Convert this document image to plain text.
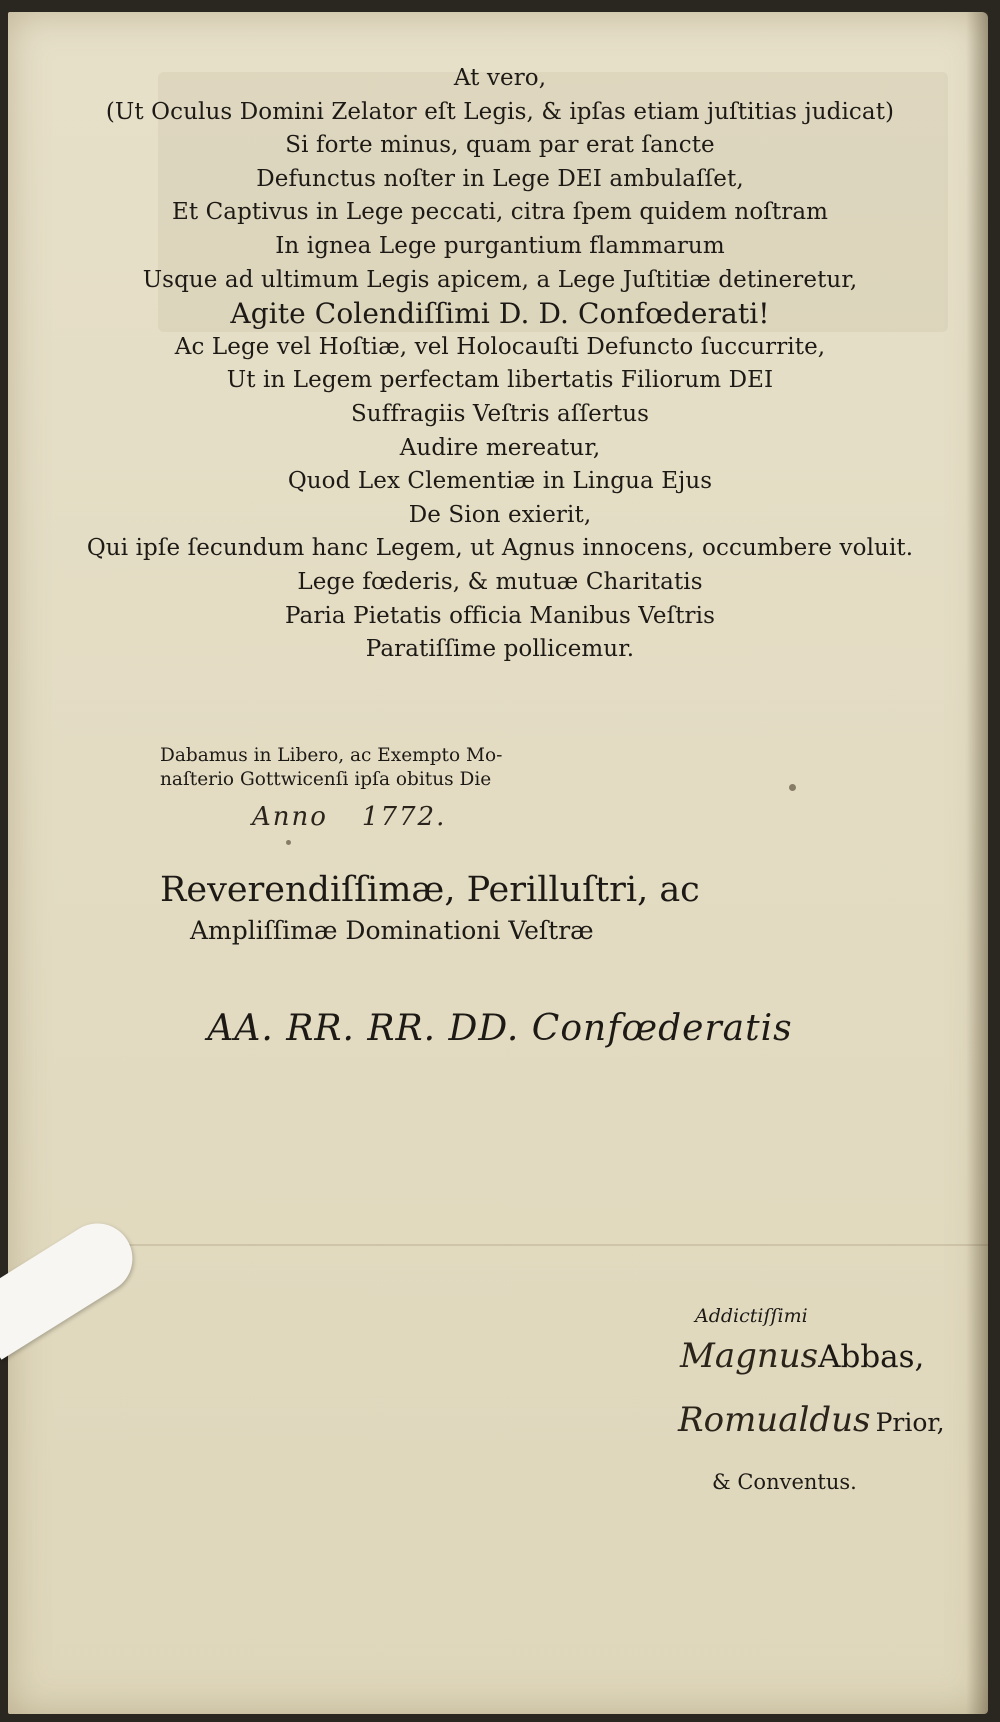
At vero,
(Ut Oculus Domini Zelator eſt Legis, & ipſas etiam juſtitias judicat)
Si forte minus, quam par erat ſancte
Defunctus noſter in Lege DEI ambulaſſet,
Et Captivus in Lege peccati, citra ſpem quidem noſtram
In ignea Lege purgantium flammarum
Usque ad ultimum Legis apicem, a Lege Juſtitiæ detineretur,
Agite Colendiſſimi D. D. Confœderati!
Ac Lege vel Hoſtiæ, vel Holocauſti Defuncto ſuccurrite,
Ut in Legem perfectam libertatis Filiorum DEI
Suffragiis Veſtris aſſertus
Audire mereatur,
Quod Lex Clementiæ in Lingua Ejus
De Sion exierit,
Qui ipſe ſecundum hanc Legem, ut Agnus innocens, occumbere voluit.
Lege fœderis, & mutuæ Charitatis
Paria Pietatis officia Manibus Veſtris
Paratiſſime pollicemur.
Dabamus in Libero, ac Exempto Mo-
naſterio Gottwicenſi ipſa obitus Die
Anno 1772.
Reverendiſſimæ, Perilluſtri, ac
Ampliſſimæ Dominationi Veſtræ
AA. RR. RR. DD. Confœderatis
Addictiſſimi
MagnusAbbas,
Romualdus Prior,
& Conventus.
